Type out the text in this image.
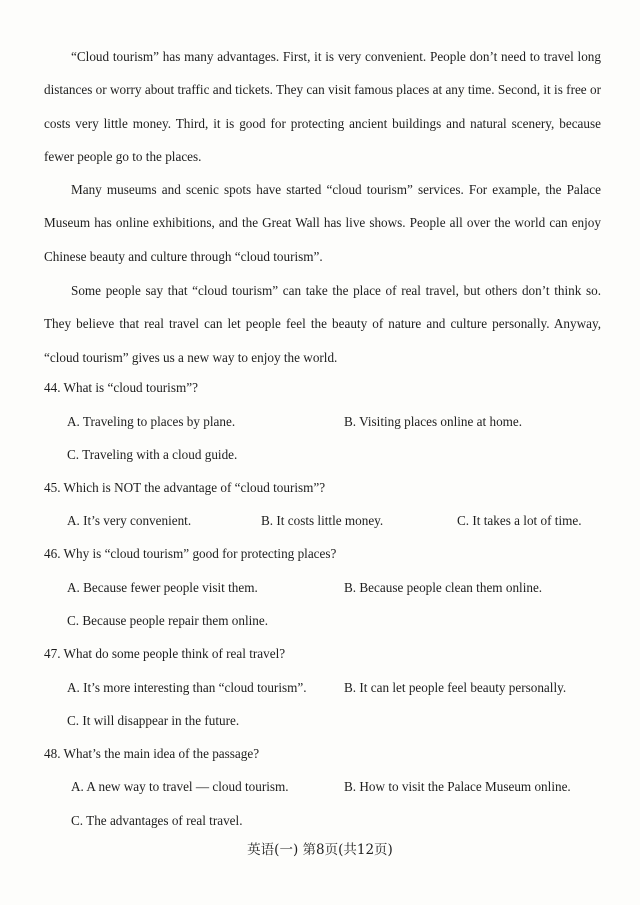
“Cloud tourism” has many advantages. First, it is very convenient. People don’t need to travel long distances or worry about traffic and tickets. They can visit famous places at any time. Second, it is free or costs very little money. Third, it is good for protecting ancient buildings and natural scenery, because fewer people go to the places.

Many museums and scenic spots have started “cloud tourism” services. For example, the Palace Museum has online exhibitions, and the Great Wall has live shows. People all over the world can enjoy Chinese beauty and culture through “cloud tourism”.

Some people say that “cloud tourism” can take the place of real travel, but others don’t think so. They believe that real travel can let people feel the beauty of nature and culture personally. Anyway, “cloud tourism” gives us a new way to enjoy the world.

44. What is “cloud tourism”?

A. Traveling to places by plane.	B. Visiting places online at home.

C. Traveling with a cloud guide.

45. Which is NOT the advantage of “cloud tourism”?

A. It’s very convenient.	B. It costs little money.	C. It takes a lot of time.

46. Why is “cloud tourism” good for protecting places?

A. Because fewer people visit them.	B. Because people clean them online.

C. Because people repair them online.

47. What do some people think of real travel?

A. It’s more interesting than “cloud tourism”.	B. It can let people feel beauty personally.

C. It will disappear in the future.

48. What’s the main idea of the passage?

A. A new way to travel — cloud tourism.	B. How to visit the Palace Museum online.

C. The advantages of real travel.

英语(一) 第8页(共12页)
